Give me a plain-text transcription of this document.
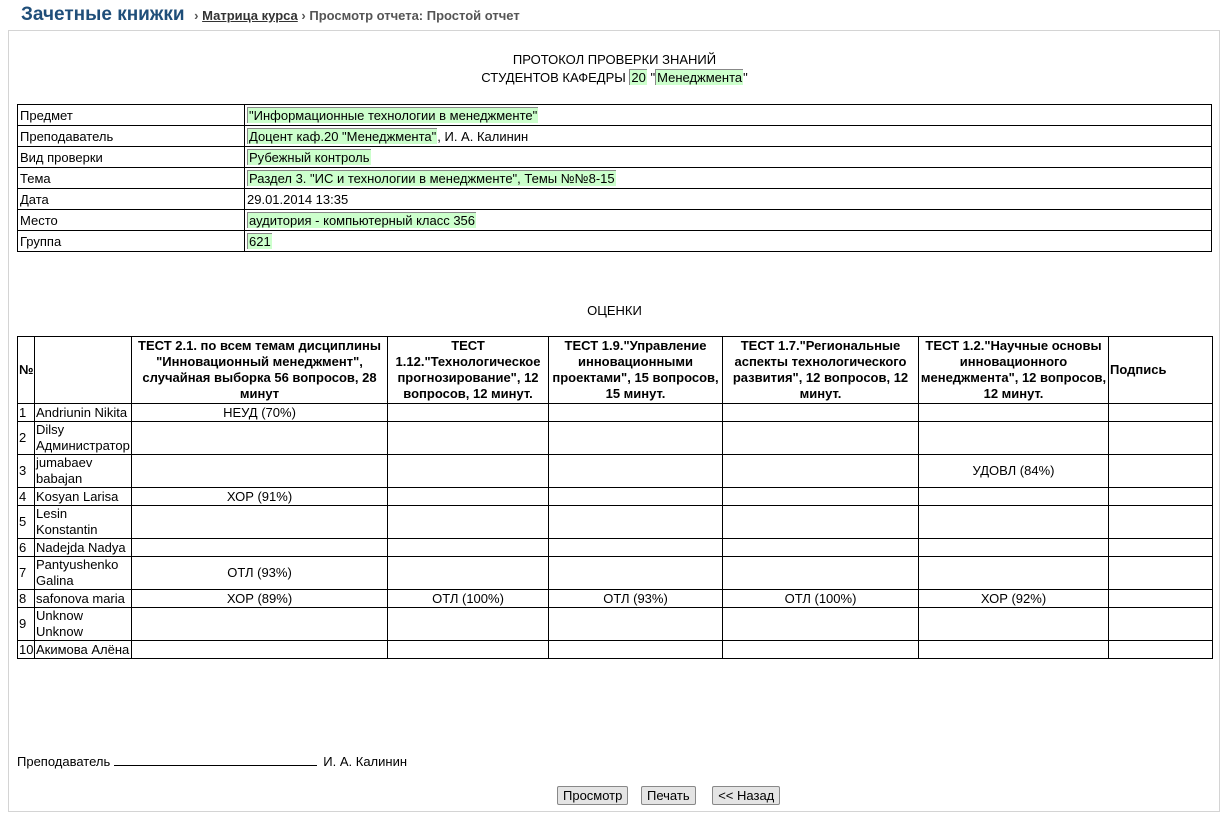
Зачетные книжки › Матрица курса › Просмотр отчета: Простой отчет
ПРОТОКОЛ ПРОВЕРКИ ЗНАНИЙ
СТУДЕНТОВ КАФЕДРЫ 20 " Менеджмента"
Предмет	"Информационные технологии в менеджменте"
Преподаватель	Доцент каф.20 "Менеджмента", И. А. Калинин
Вид проверки	Рубежный контроль
Тема	Раздел 3. "ИС и технологии в менеджменте", Темы №№8-15
Дата	29.01.2014 13:35
Место	аудитория - компьютерный класс 356
Группа	621
ОЦЕНКИ
№		ТЕСТ 2.1. по всем темам дисциплины "Инновационный менеджмент", случайная выборка 56 вопросов, 28 минут	ТЕСТ 1.12."Технологическое прогнозирование", 12 вопросов, 12 минут.	ТЕСТ 1.9."Управление инновационными проектами", 15 вопросов, 15 минут.	ТЕСТ 1.7."Региональные аспекты технологического развития", 12 вопросов, 12 минут.	ТЕСТ 1.2."Научные основы инновационного менеджмента", 12 вопросов, 12 минут.	Подпись
1	Andriunin Nikita	НЕУД (70%)					
2	Dilsy Администратор						
3	jumabaev babajan					УДОВЛ (84%)	
4	Kosyan Larisa	ХОР (91%)					
5	Lesin Konstantin						
6	Nadejda Nadya						
7	Pantyushenko Galina	ОТЛ (93%)					
8	safonova maria	ХОР (89%)	ОТЛ (100%)	ОТЛ (93%)	ОТЛ (100%)	ХОР (92%)	
9	Unknow Unknow						
10	Акимова Алёна						
Преподаватель	И. А. Калинин
Просмотр Печать << Назад
